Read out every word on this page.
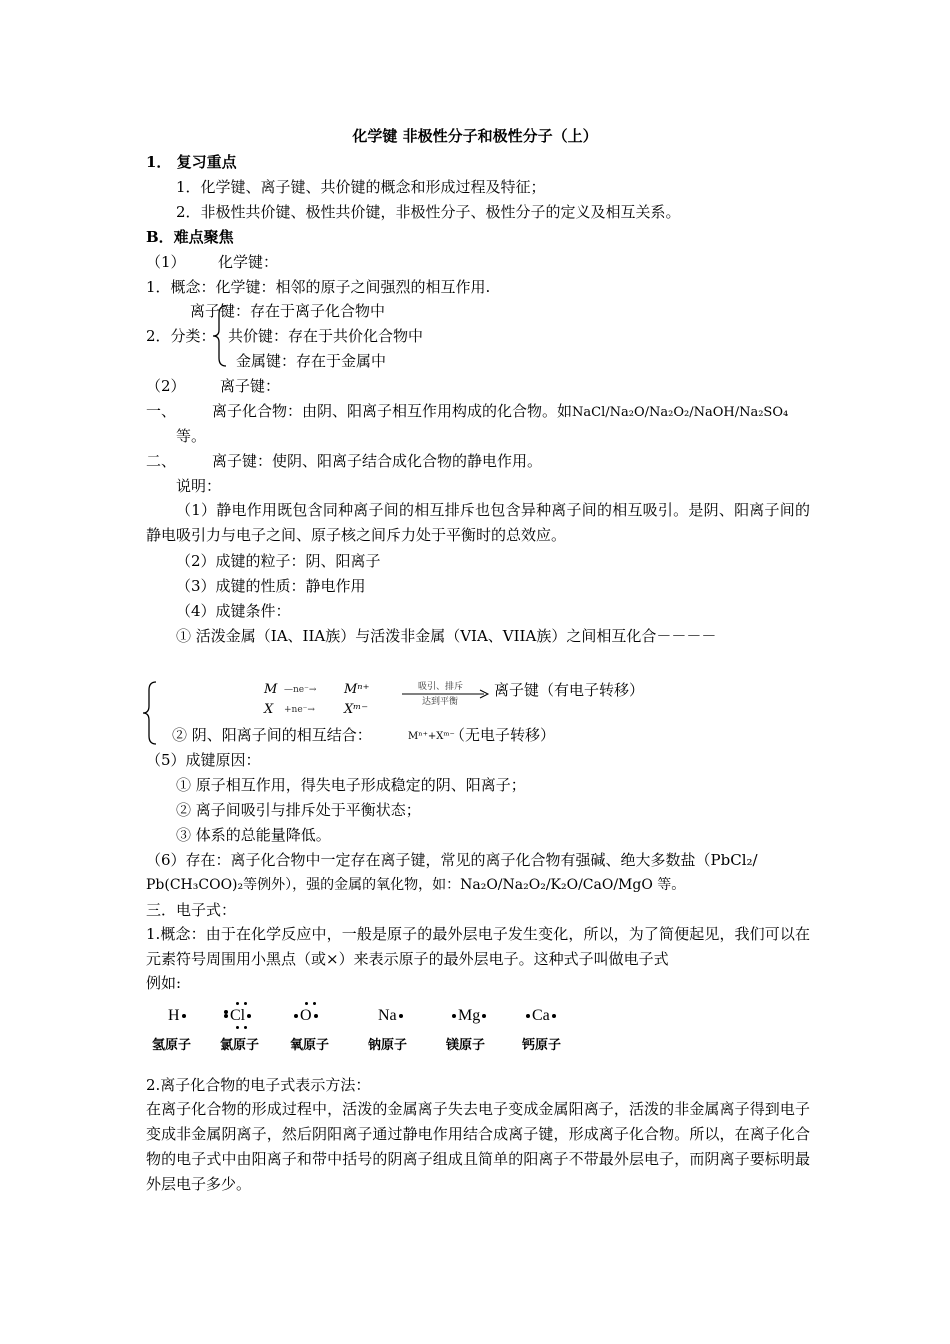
化学键 非极性分子和极性分子（上）
1． 复习重点
1．化学键、离子键、共价键的概念和形成过程及特征；
2．非极性共价键、极性共价键，非极性分子、极性分子的定义及相互关系。
B．难点聚焦
（1） 化学键：
1．概念：化学键：相邻的原子之间强烈的相互作用.
离子键：存在于离子化合物中
2．分类： 共价键：存在于共价化合物中
金属键：存在于金属中
（2） 离子键：
一、 离子化合物：由阴、阳离子相互作用构成的化合物。如NaCl/Na₂O/Na₂O₂/NaOH/Na₂SO₄
等。
二、 离子键：使阴、阳离子结合成化合物的静电作用。
说明：
（1）静电作用既包含同种离子间的相互排斥也包含异种离子间的相互吸引。是阴、阳离子间的静电吸引力与电子之间、原子核之间斥力处于平衡时的总效应。
（2）成键的粒子：阴、阳离子
（3）成键的性质：静电作用
（4）成键条件：
① 活泼金属（IA、IIA族）与活泼非金属（VIA、VIIA族）之间相互化合－－－－
M —ne⁻→ Mⁿ⁺
X +ne⁻→ Xᵐ⁻
吸引、排斥
达到平衡
离子键（有电子转移）
② 阴、阳离子间的相互结合：	Mⁿ⁺+Xᵐ⁻
（无电子转移）
（5）成键原因：
① 原子相互作用，得失电子形成稳定的阴、阳离子；
② 离子间吸引与排斥处于平衡状态；
③ 体系的总能量降低。
（6）存在：离子化合物中一定存在离子键，常见的离子化合物有强碱、绝大多数盐（PbCl₂/
Pb(CH₃COO)₂等例外），强的金属的氧化物，如：Na₂O/Na₂O₂/K₂O/CaO/MgO 等。
三．电子式：
1.概念：由于在化学反应中，一般是原子的最外层电子发生变化，所以，为了简便起见，我们可以在元素符号周围用小黑点（或×）来表示原子的最外层电子。这种式子叫做电子式
例如:
H	Cl	O	Na	Mg	Ca
氢原子 氯原子 氧原子	钠原子	镁原子	钙原子
2.离子化合物的电子式表示方法：
在离子化合物的形成过程中，活泼的金属离子失去电子变成金属阳离子，活泼的非金属离子得到电子变成非金属阴离子，然后阴阳离子通过静电作用结合成离子键，形成离子化合物。所以，在离子化合物的电子式中由阳离子和带中括号的阴离子组成且简单的阳离子不带最外层电子，而阴离子要标明最外层电子多少。
